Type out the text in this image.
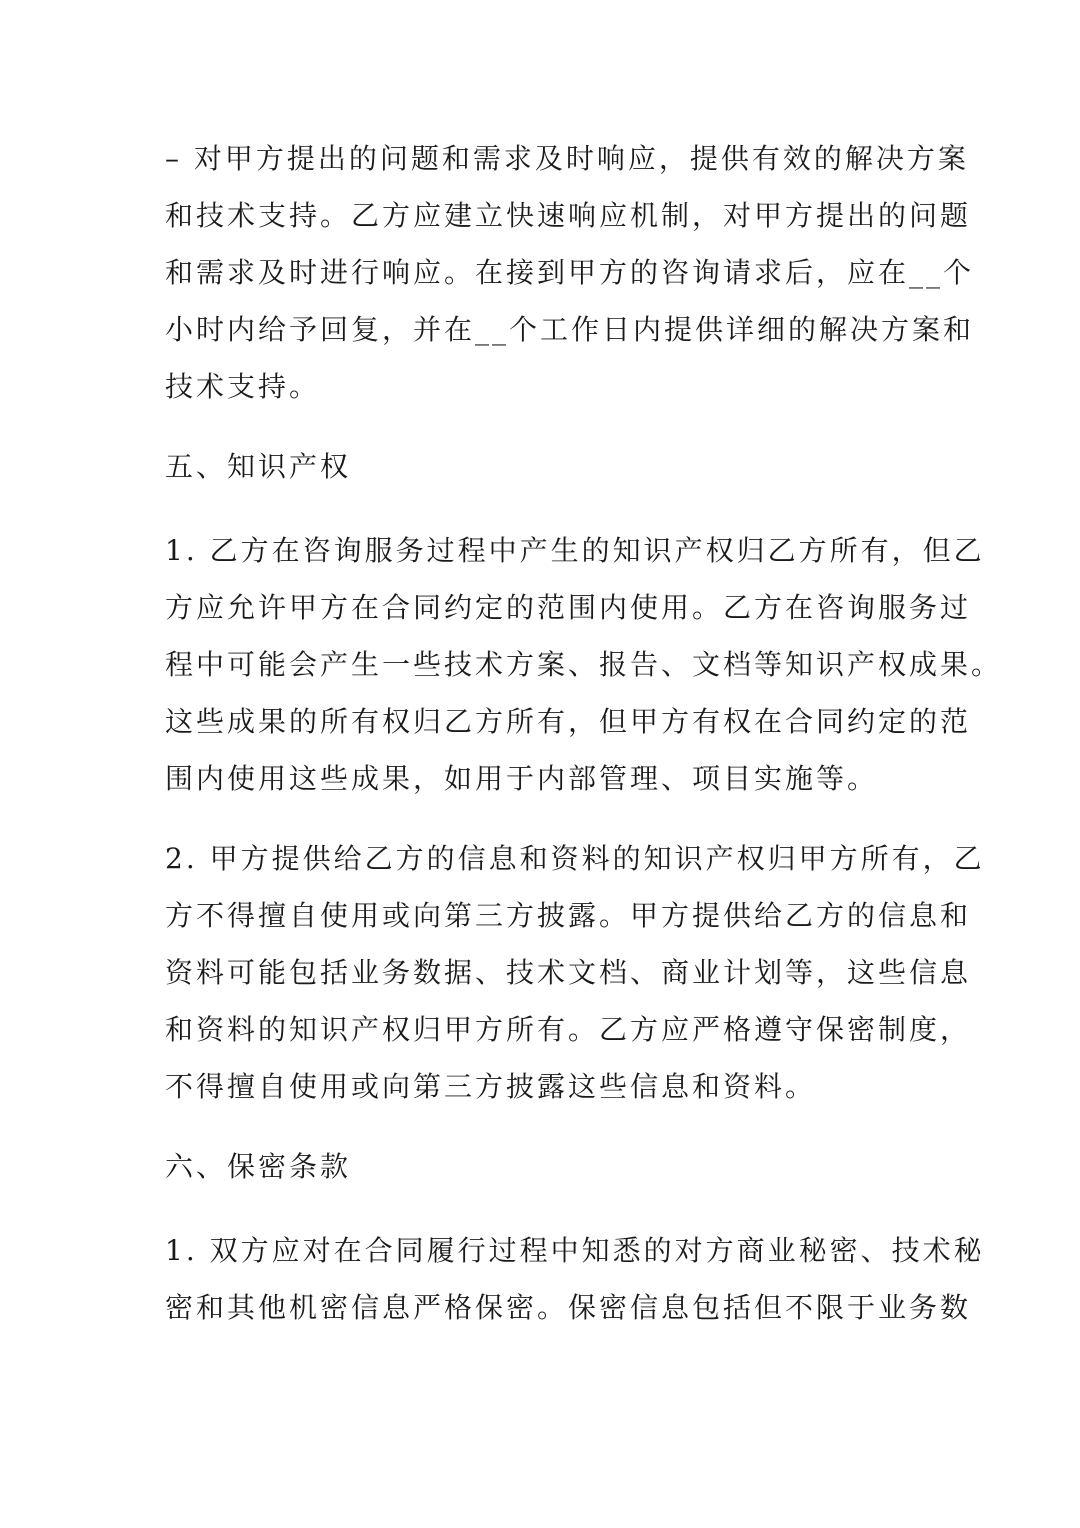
– 对甲方提出的问题和需求及时响应，提供有效的解决方案
和技术支持。乙方应建立快速响应机制，对甲方提出的问题
和需求及时进行响应。在接到甲方的咨询请求后，应在__个
小时内给予回复，并在__个工作日内提供详细的解决方案和
技术支持。
五、知识产权
1. 乙方在咨询服务过程中产生的知识产权归乙方所有，但乙
方应允许甲方在合同约定的范围内使用。乙方在咨询服务过
程中可能会产生一些技术方案、报告、文档等知识产权成果。
这些成果的所有权归乙方所有，但甲方有权在合同约定的范
围内使用这些成果，如用于内部管理、项目实施等。
2. 甲方提供给乙方的信息和资料的知识产权归甲方所有，乙
方不得擅自使用或向第三方披露。甲方提供给乙方的信息和
资料可能包括业务数据、技术文档、商业计划等，这些信息
和资料的知识产权归甲方所有。乙方应严格遵守保密制度，
不得擅自使用或向第三方披露这些信息和资料。
六、保密条款
1. 双方应对在合同履行过程中知悉的对方商业秘密、技术秘
密和其他机密信息严格保密。保密信息包括但不限于业务数
